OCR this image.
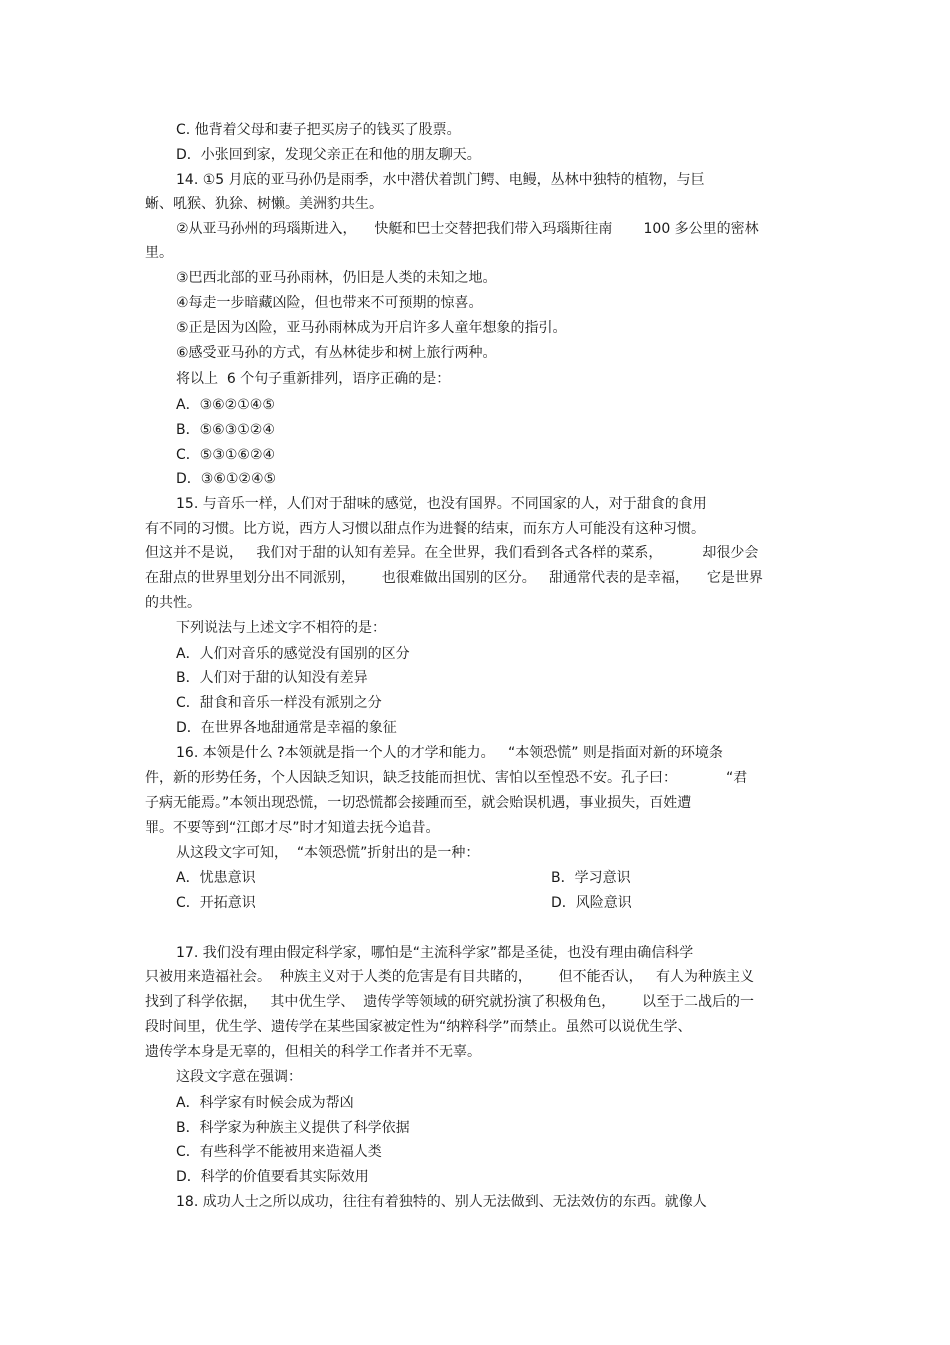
C. 他背着父母和妻子把买房子的钱买了股票。
D．小张回到家，发现父亲正在和他的朋友聊天。
14. ①5 月底的亚马孙仍是雨季，水中潜伏着凯门鳄、电鳗，丛林中独特的植物，与巨
蜥、吼猴、犰狳、树懒。美洲豹共生。
②从亚马孙州的玛瑙斯进入，    快艇和巴士交替把我们带入玛瑙斯往南       100 多公里的密林
里。
③巴西北部的亚马孙雨林，仍旧是人类的未知之地。
④每走一步暗藏凶险，但也带来不可预期的惊喜。
⑤正是因为凶险，亚马孙雨林成为开启许多人童年想象的指引。
⑥感受亚马孙的方式，有丛林徒步和树上旅行两种。
将以上  6 个句子重新排列，语序正确的是：
A．③⑥②①④⑤
B．⑤⑥③①②④
C．⑤③①⑥②④
D．③⑥①②④⑤
15. 与音乐一样，人们对于甜味的感觉，也没有国界。不同国家的人，对于甜食的食用
有不同的习惯。比方说，西方人习惯以甜点作为进餐的结束，而东方人可能没有这种习惯。
但这并不是说，   我们对于甜的认知有差异。在全世界，我们看到各式各样的菜系，         却很少会
在甜点的世界里划分出不同派别，      也很难做出国别的区分。   甜通常代表的是幸福，    它是世界
的共性。
下列说法与上述文字不相符的是：
A．人们对音乐的感觉没有国别的区分
B．人们对于甜的认知没有差异
C．甜食和音乐一样没有派别之分
D．在世界各地甜通常是幸福的象征
16. 本领是什么 ?本领就是指一个人的才学和能力。   “本领恐慌” 则是指面对新的环境条
件，新的形势任务，个人因缺乏知识，缺乏技能而担忧、害怕以至惶恐不安。孔子曰：           “君
子病无能焉。”本领出现恐慌，一切恐慌都会接踵而至，就会贻误机遇，事业损失，百姓遭
罪。不要等到“江郎才尽”时才知道去抚今追昔。
从这段文字可知，  “本领恐慌”折射出的是一种：
A．忧患意识	B．学习意识
C．开拓意识	D．风险意识
17. 我们没有理由假定科学家，哪怕是“主流科学家”都是圣徒，也没有理由确信科学
只被用来造福社会。  种族主义对于人类的危害是有目共睹的，      但不能否认，   有人为种族主义
找到了科学依据，   其中优生学、  遗传学等领域的研究就扮演了积极角色，      以至于二战后的一
段时间里，优生学、遗传学在某些国家被定性为“纳粹科学”而禁止。虽然可以说优生学、
遗传学本身是无辜的，但相关的科学工作者并不无辜。
这段文字意在强调：
A．科学家有时候会成为帮凶
B．科学家为种族主义提供了科学依据
C．有些科学不能被用来造福人类
D．科学的价值要看其实际效用
18. 成功人士之所以成功，往往有着独特的、别人无法做到、无法效仿的东西。就像人
